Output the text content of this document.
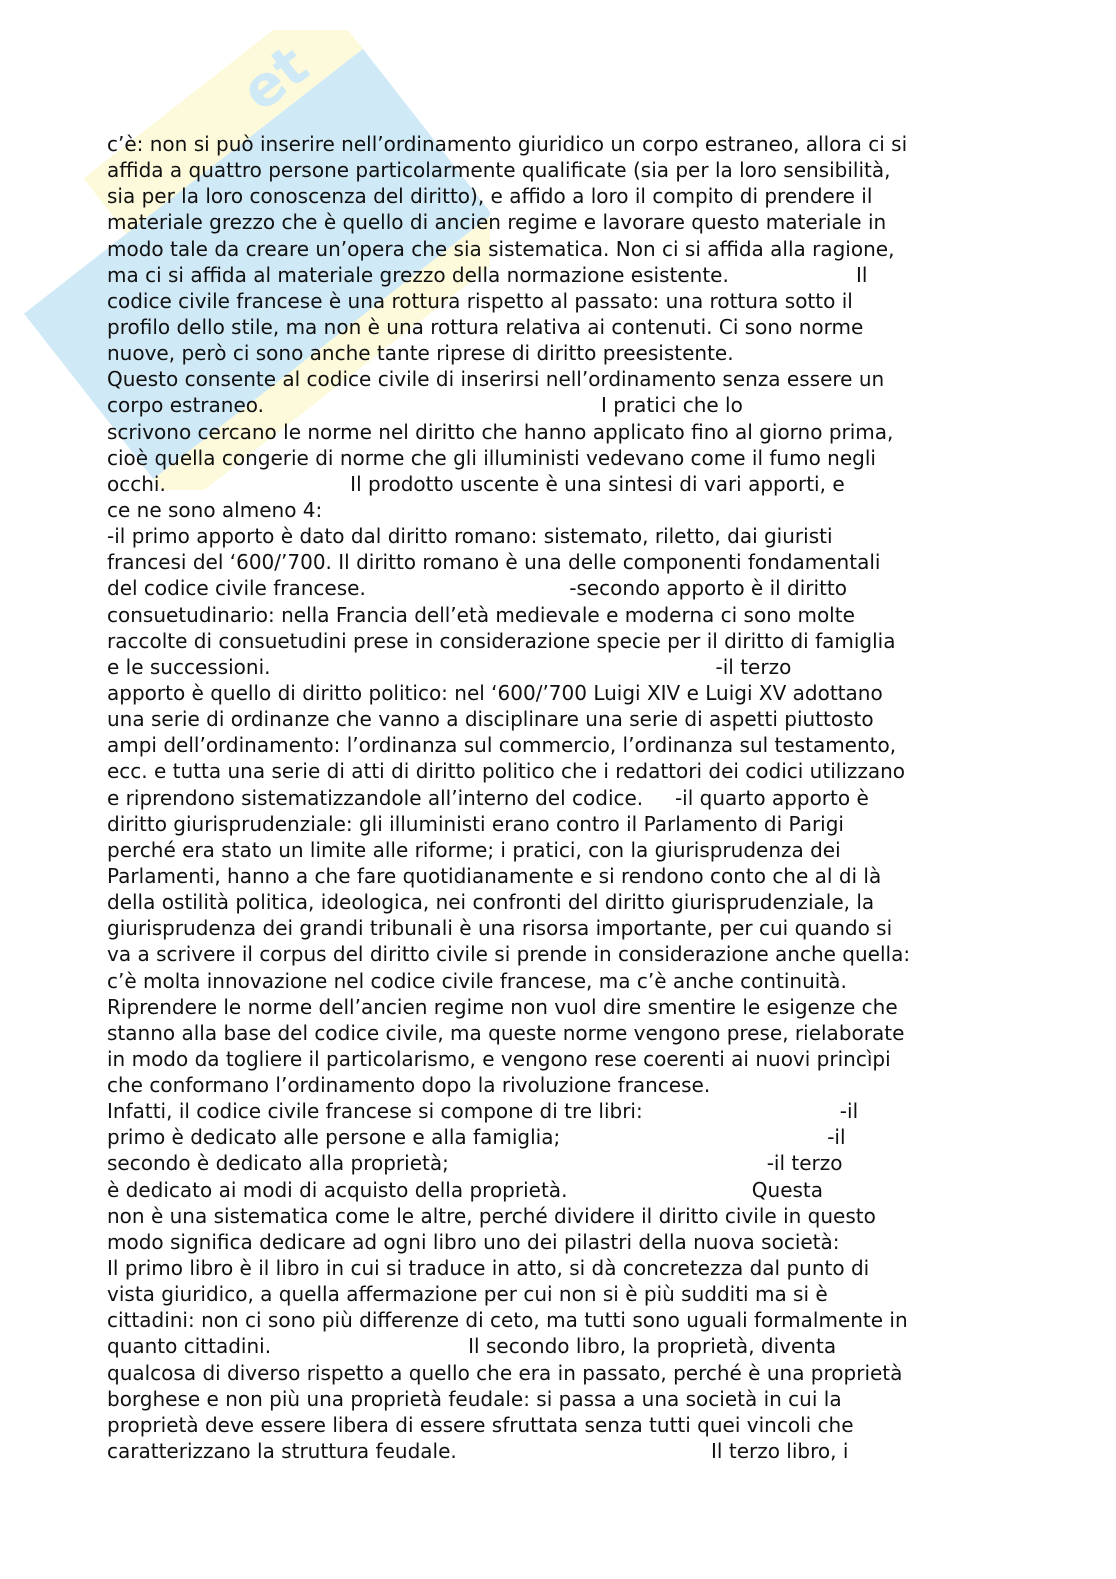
et
c’è: non si può inserire nell’ordinamento giuridico un corpo estraneo, allora ci si
affida a quattro persone particolarmente qualificate (sia per la loro sensibilità,
sia per la loro conoscenza del diritto), e affido a loro il compito di prendere il
materiale grezzo che è quello di ancien regime e lavorare questo materiale in
modo tale da creare un’opera che sia sistematica. Non ci si affida alla ragione,
ma ci si affida al materiale grezzo della normazione esistente.                    Il
codice civile francese è una rottura rispetto al passato: una rottura sotto il
profilo dello stile, ma non è una rottura relativa ai contenuti. Ci sono norme
nuove, però ci sono anche tante riprese di diritto preesistente.
Questo consente al codice civile di inserirsi nell’ordinamento senza essere un
corpo estraneo.                                                     I pratici che lo
scrivono cercano le norme nel diritto che hanno applicato fino al giorno prima,
cioè quella congerie di norme che gli illuministi vedevano come il fumo negli
occhi.                             Il prodotto uscente è una sintesi di vari apporti, e
ce ne sono almeno 4:
-il primo apporto è dato dal diritto romano: sistemato, riletto, dai giuristi
francesi del ‘600/’700. Il diritto romano è una delle componenti fondamentali
del codice civile francese.                                -secondo apporto è il diritto
consuetudinario: nella Francia dell’età medievale e moderna ci sono molte
raccolte di consuetudini prese in considerazione specie per il diritto di famiglia
e le successioni.                                                                      -il terzo
apporto è quello di diritto politico: nel ‘600/’700 Luigi XIV e Luigi XV adottano
una serie di ordinanze che vanno a disciplinare una serie di aspetti piuttosto
ampi dell’ordinamento: l’ordinanza sul commercio, l’ordinanza sul testamento,
ecc. e tutta una serie di atti di diritto politico che i redattori dei codici utilizzano
e riprendono sistematizzandole all’interno del codice.     -il quarto apporto è
diritto giurisprudenziale: gli illuministi erano contro il Parlamento di Parigi
perché era stato un limite alle riforme; i pratici, con la giurisprudenza dei
Parlamenti, hanno a che fare quotidianamente e si rendono conto che al di là
della ostilità politica, ideologica, nei confronti del diritto giurisprudenziale, la
giurisprudenza dei grandi tribunali è una risorsa importante, per cui quando si
va a scrivere il corpus del diritto civile si prende in considerazione anche quella:
c’è molta innovazione nel codice civile francese, ma c’è anche continuità.
Riprendere le norme dell’ancien regime non vuol dire smentire le esigenze che
stanno alla base del codice civile, ma queste norme vengono prese, rielaborate
in modo da togliere il particolarismo, e vengono rese coerenti ai nuovi princìpi
che conformano l’ordinamento dopo la rivoluzione francese.
Infatti, il codice civile francese si compone di tre libri:                               -il
primo è dedicato alle persone e alla famiglia;                                          -il
secondo è dedicato alla proprietà;                                                  -il terzo
è dedicato ai modi di acquisto della proprietà.                             Questa
non è una sistematica come le altre, perché dividere il diritto civile in questo
modo significa dedicare ad ogni libro uno dei pilastri della nuova società:
Il primo libro è il libro in cui si traduce in atto, si dà concretezza dal punto di
vista giuridico, a quella affermazione per cui non si è più sudditi ma si è
cittadini: non ci sono più differenze di ceto, ma tutti sono uguali formalmente in
quanto cittadini.                               Il secondo libro, la proprietà, diventa
qualcosa di diverso rispetto a quello che era in passato, perché è una proprietà
borghese e non più una proprietà feudale: si passa a una società in cui la
proprietà deve essere libera di essere sfruttata senza tutti quei vincoli che
caratterizzano la struttura feudale.                                        Il terzo libro, i
